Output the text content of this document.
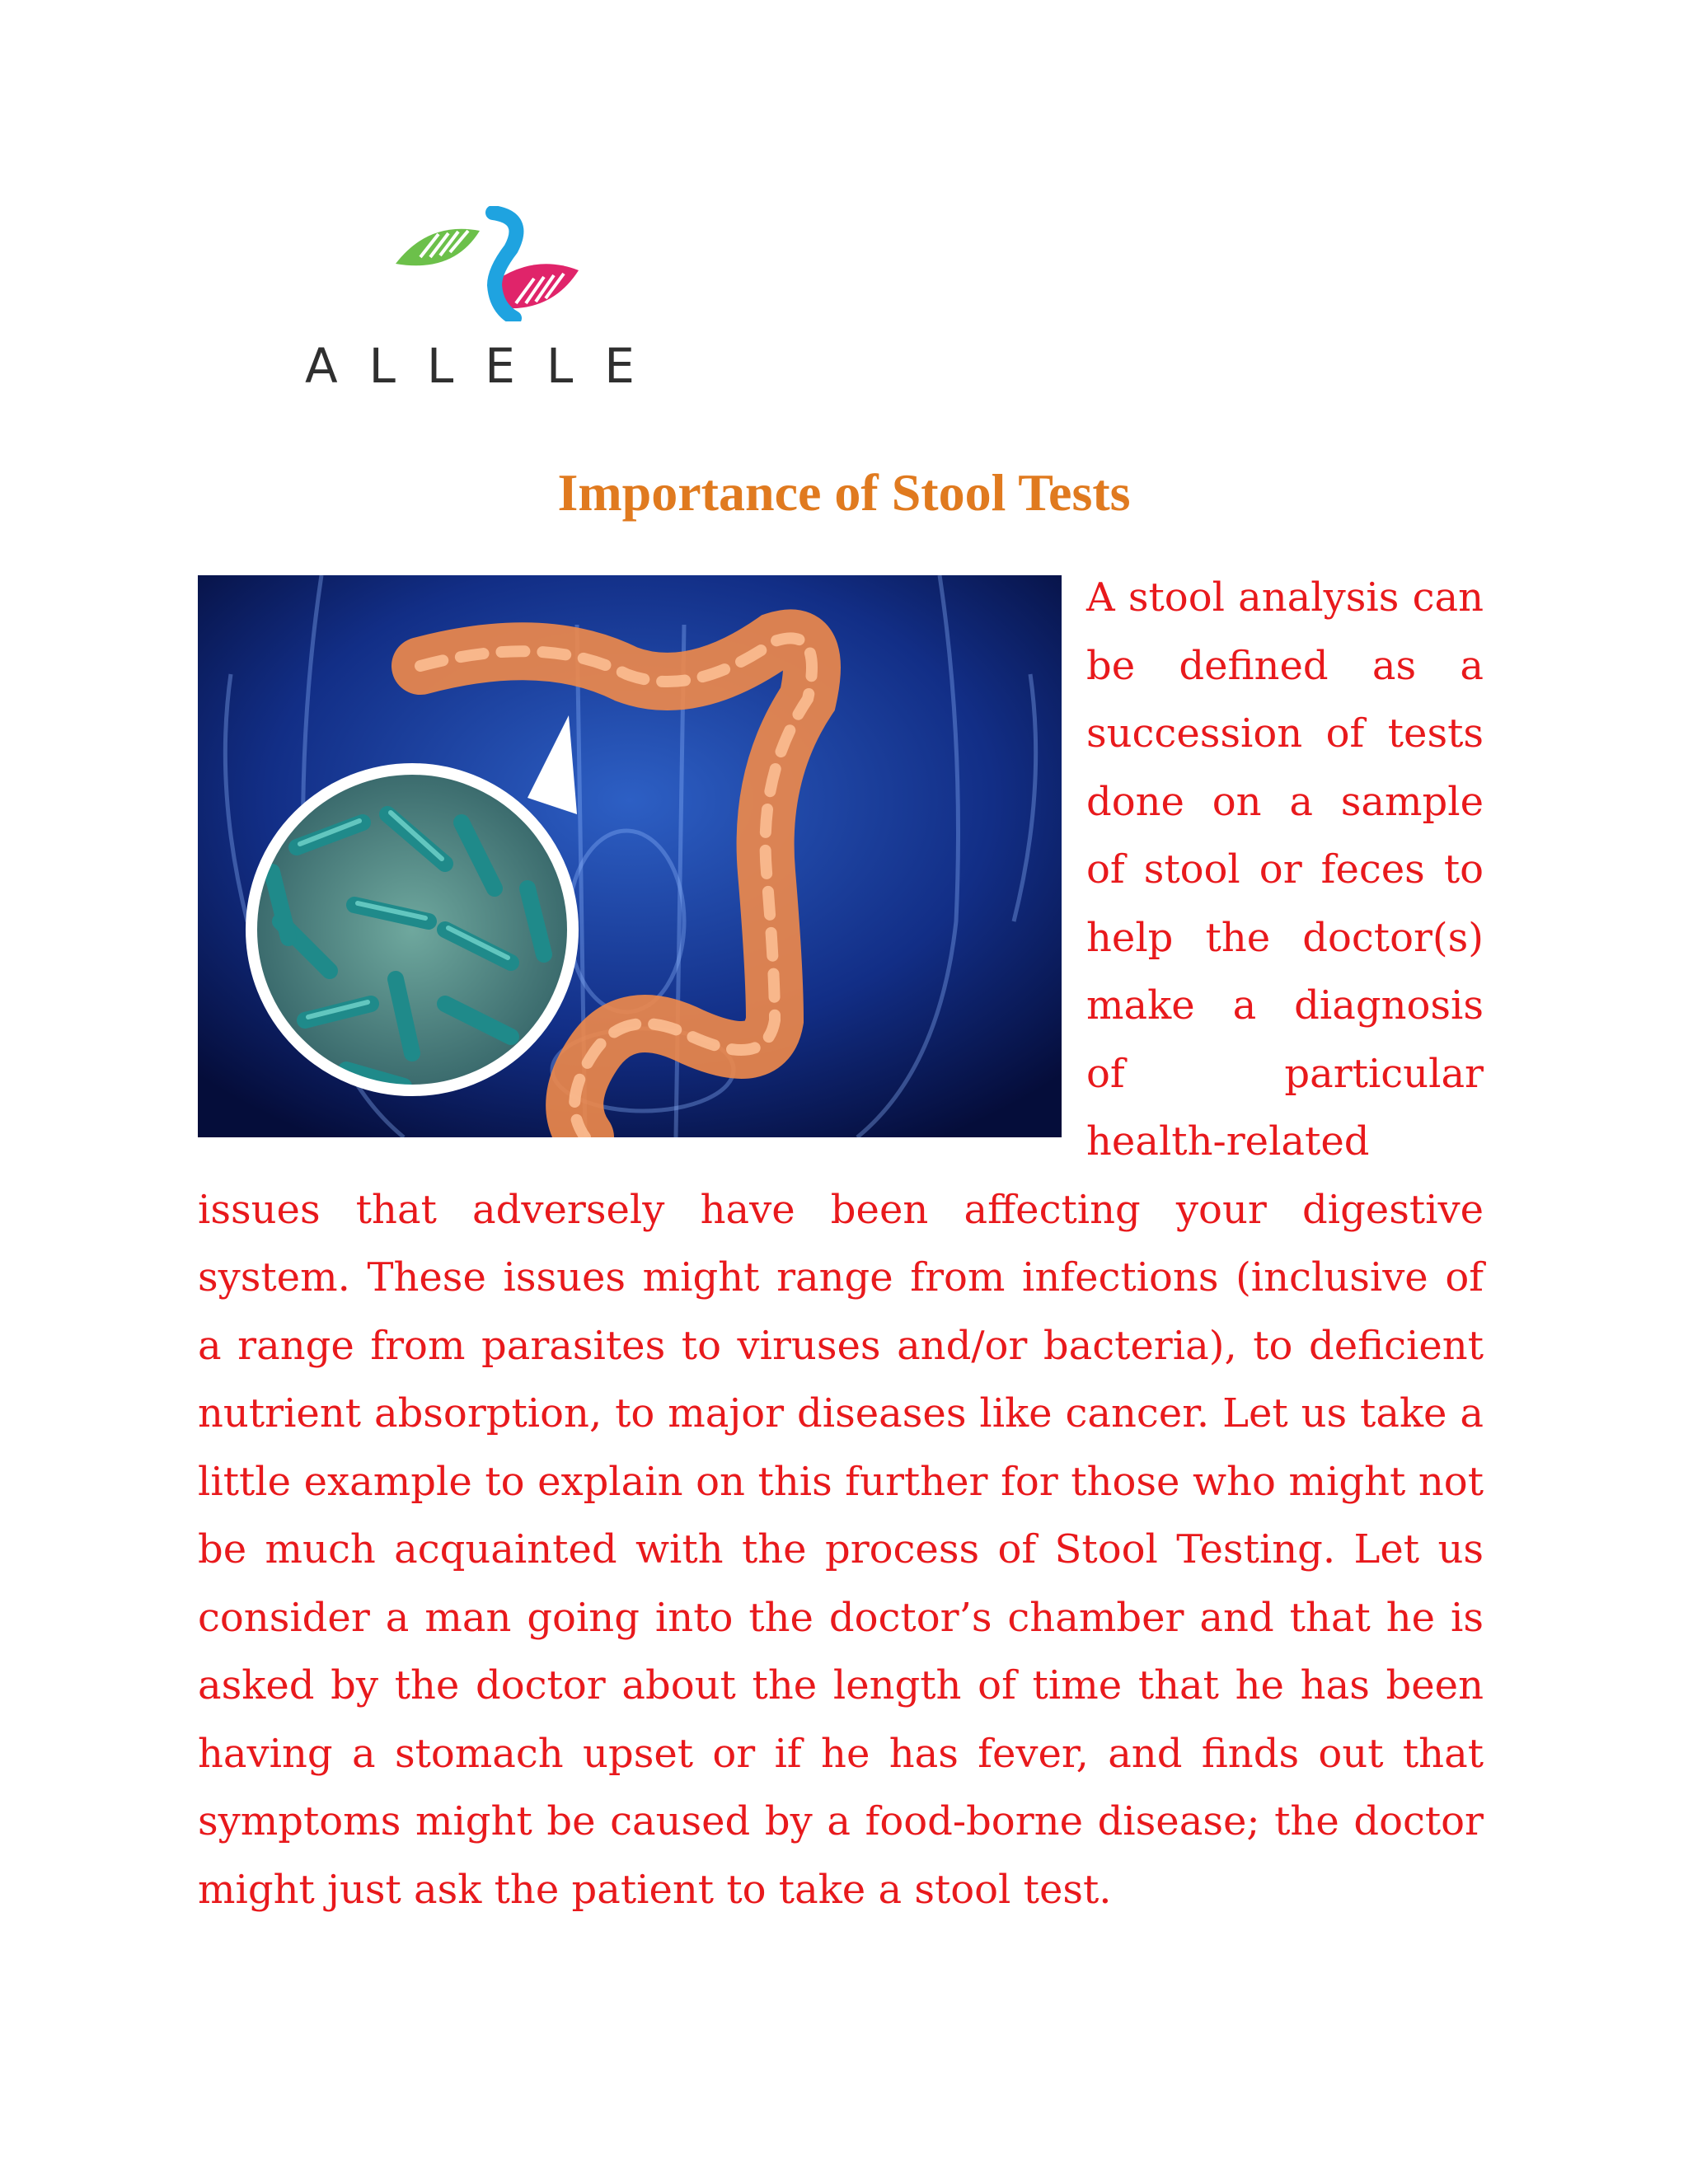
ALLELE
Importance of Stool Tests
A stool analysis can be defined as a succession of tests done on a sample of stool or feces to help the doctor(s) make a diagnosis of particular health-related issues that adversely have been affecting your digestive system. These issues might range from infections (inclusive of a range from parasites to viruses and/or bacteria), to deficient nutrient absorption, to major diseases like cancer. Let us take a little example to explain on this further for those who might not be much acquainted with the process of Stool Testing. Let us consider a man going into the doctor’s chamber and that he is asked by the doctor about the length of time that he has been having a stomach upset or if he has fever, and finds out that symptoms might be caused by a food-borne disease; the doctor might just ask the patient to take a stool test.
